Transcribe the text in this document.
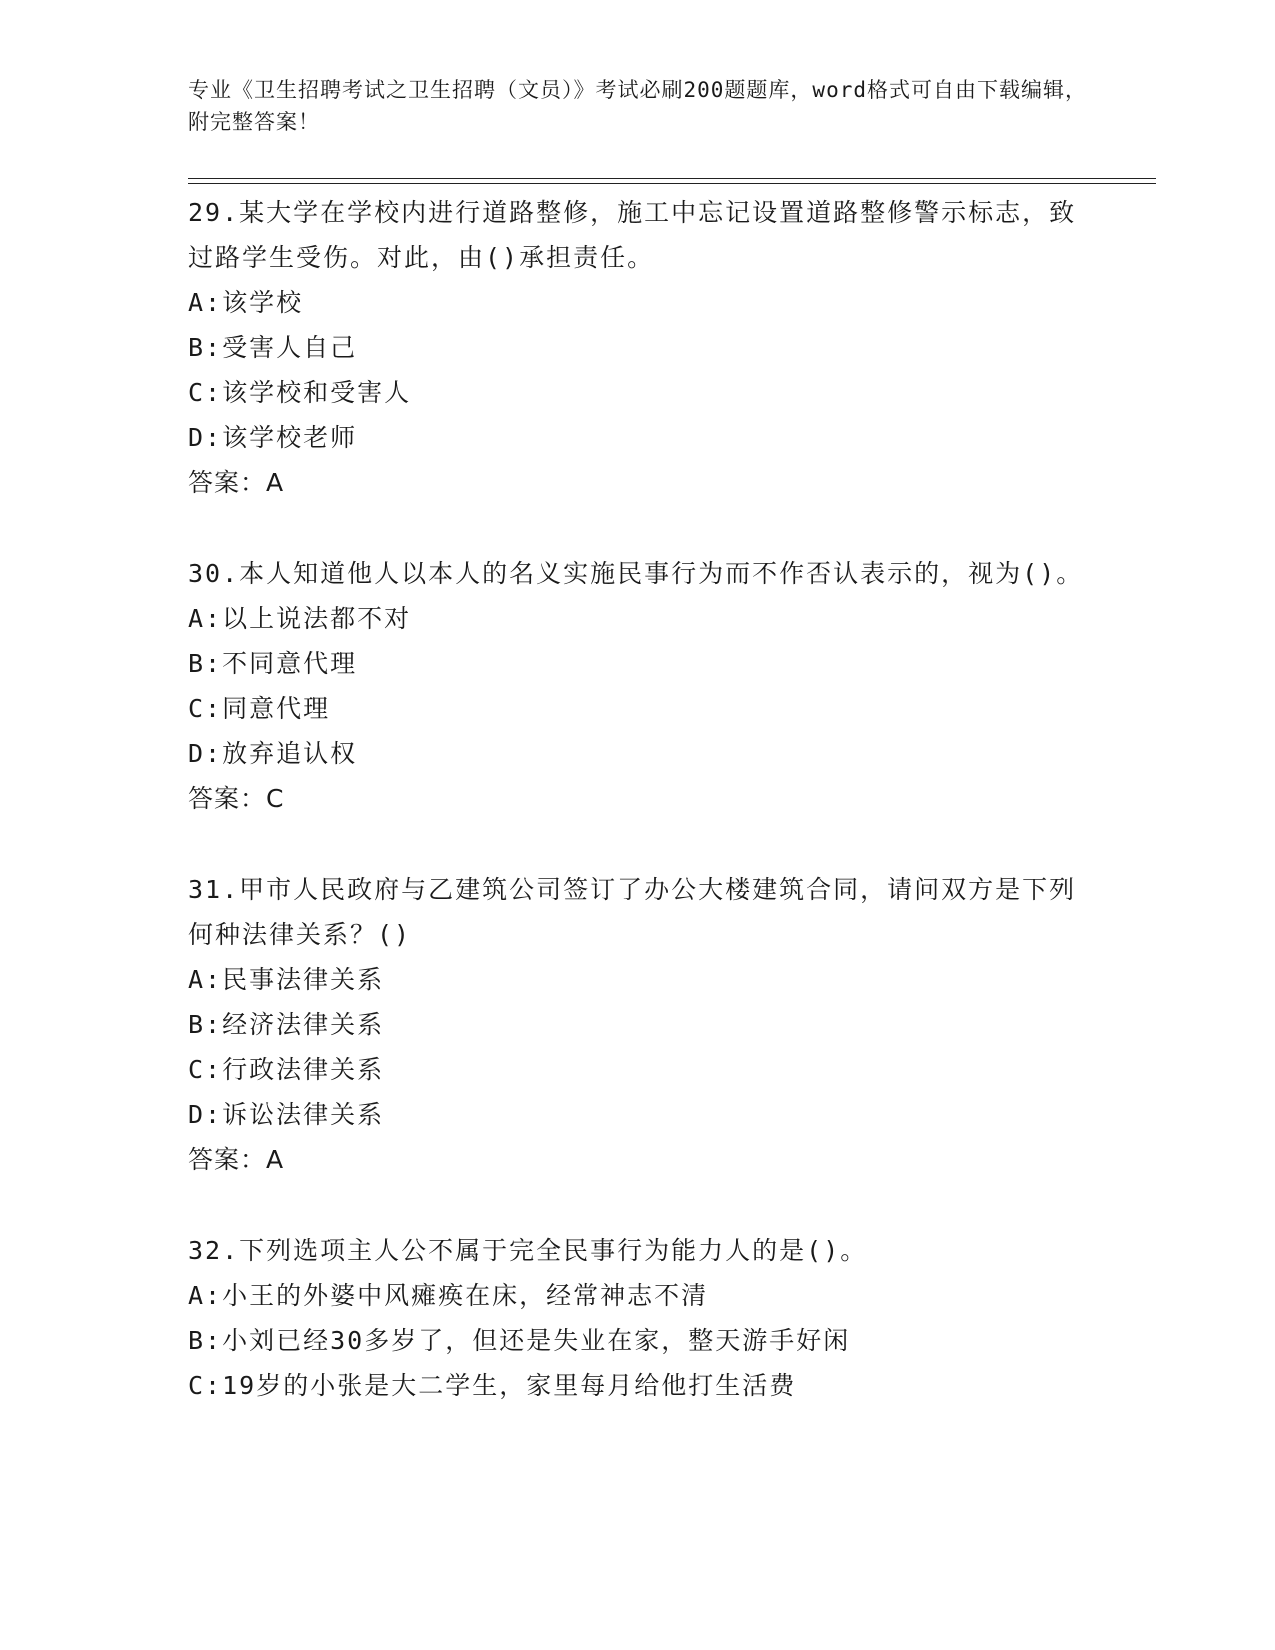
专业《卫生招聘考试之卫生招聘（文员）》考试必刷200题题库，word格式可自由下载编辑，附完整答案！
29.某大学在学校内进行道路整修，施工中忘记设置道路整修警示标志，致过路学生受伤。对此，由()承担责任。
A:该学校
B:受害人自己
C:该学校和受害人
D:该学校老师
答案：A
30.本人知道他人以本人的名义实施民事行为而不作否认表示的，视为()。
A:以上说法都不对
B:不同意代理
C:同意代理
D:放弃追认权
答案：C
31.甲市人民政府与乙建筑公司签订了办公大楼建筑合同，请问双方是下列何种法律关系？()
A:民事法律关系
B:经济法律关系
C:行政法律关系
D:诉讼法律关系
答案：A
32.下列选项主人公不属于完全民事行为能力人的是()。
A:小王的外婆中风瘫痪在床，经常神志不清
B:小刘已经30多岁了，但还是失业在家，整天游手好闲
C:19岁的小张是大二学生，家里每月给他打生活费
